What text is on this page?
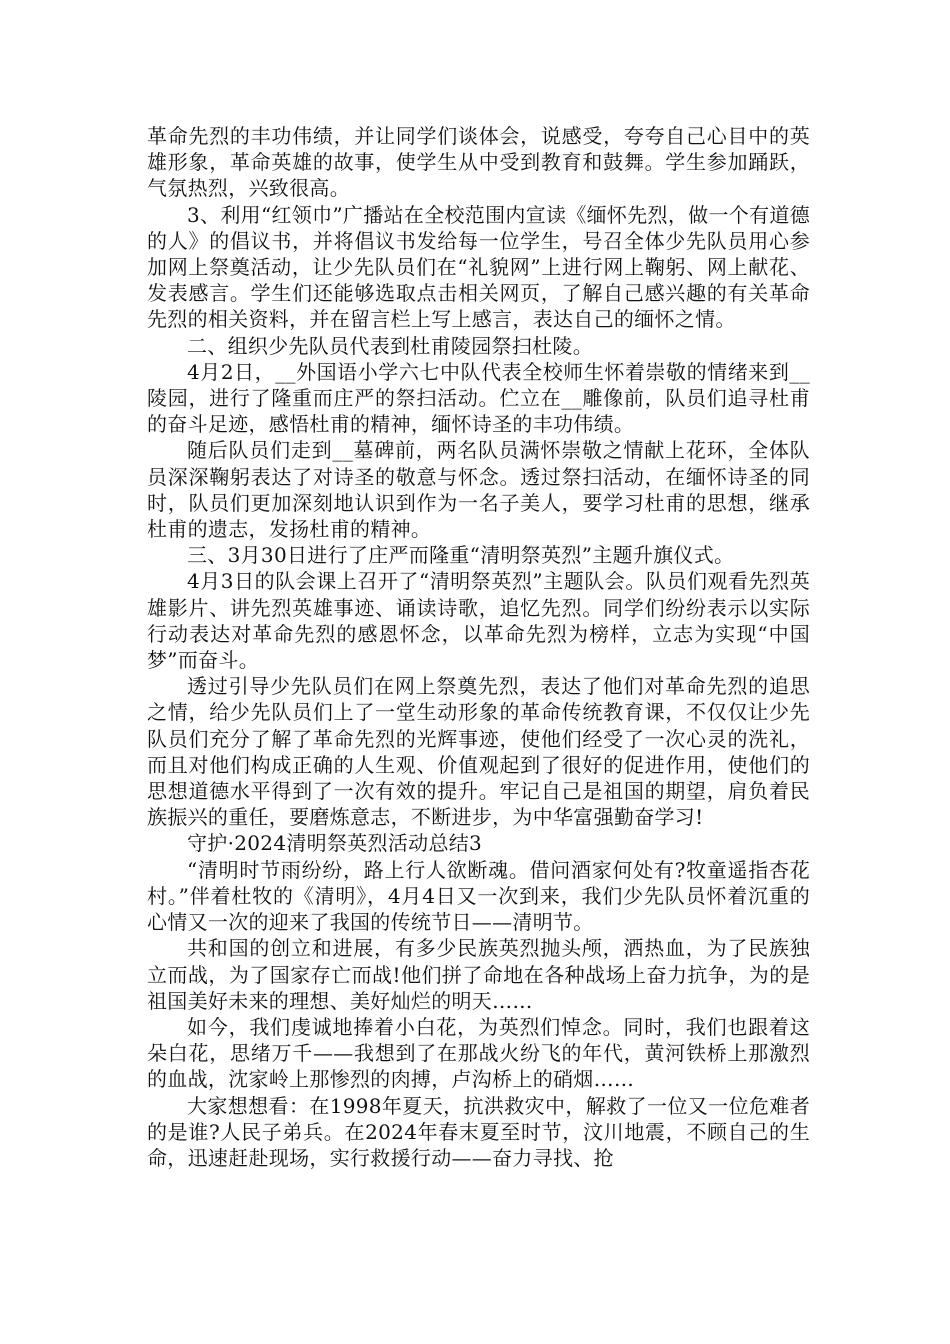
革命先烈的丰功伟绩，并让同学们谈体会，说感受，夸夸自己心目中的英雄形象，革命英雄的故事，使学生从中受到教育和鼓舞。学生参加踊跃，气氛热烈，兴致很高。

3、利用“红领巾”广播站在全校范围内宣读《缅怀先烈，做一个有道德的人》的倡议书，并将倡议书发给每一位学生，号召全体少先队员用心参加网上祭奠活动，让少先队员们在“礼貌网”上进行网上鞠躬、网上献花、发表感言。学生们还能够选取点击相关网页，了解自己感兴趣的有关革命先烈的相关资料，并在留言栏上写上感言，表达自己的缅怀之情。

二、组织少先队员代表到杜甫陵园祭扫杜陵。

4月2日，__外国语小学六七中队代表全校师生怀着崇敬的情绪来到__陵园，进行了隆重而庄严的祭扫活动。伫立在__雕像前，队员们追寻杜甫的奋斗足迹，感悟杜甫的精神，缅怀诗圣的丰功伟绩。

随后队员们走到__墓碑前，两名队员满怀崇敬之情献上花环，全体队员深深鞠躬表达了对诗圣的敬意与怀念。透过祭扫活动，在缅怀诗圣的同时，队员们更加深刻地认识到作为一名子美人，要学习杜甫的思想，继承杜甫的遗志，发扬杜甫的精神。

三、3月30日进行了庄严而隆重“清明祭英烈”主题升旗仪式。

4月3日的队会课上召开了“清明祭英烈”主题队会。队员们观看先烈英雄影片、讲先烈英雄事迹、诵读诗歌，追忆先烈。同学们纷纷表示以实际行动表达对革命先烈的感恩怀念，以革命先烈为榜样，立志为实现“中国梦”而奋斗。

透过引导少先队员们在网上祭奠先烈，表达了他们对革命先烈的追思之情，给少先队员们上了一堂生动形象的革命传统教育课，不仅仅让少先队员们充分了解了革命先烈的光辉事迹，使他们经受了一次心灵的洗礼，而且对他们构成正确的人生观、价值观起到了很好的促进作用，使他们的思想道德水平得到了一次有效的提升。牢记自己是祖国的期望，肩负着民族振兴的重任，要磨炼意志，不断进步，为中华富强勤奋学习!

守护·2024清明祭英烈活动总结3

“清明时节雨纷纷，路上行人欲断魂。借问酒家何处有?牧童遥指杏花村。”伴着杜牧的《清明》，4月4日又一次到来，我们少先队员怀着沉重的心情又一次的迎来了我国的传统节日——清明节。

共和国的创立和进展，有多少民族英烈抛头颅，洒热血，为了民族独立而战，为了国家存亡而战!他们拼了命地在各种战场上奋力抗争，为的是祖国美好未来的理想、美好灿烂的明天……

如今，我们虔诚地捧着小白花，为英烈们悼念。同时，我们也跟着这朵白花，思绪万千——我想到了在那战火纷飞的年代，黄河铁桥上那激烈的血战，沈家岭上那惨烈的肉搏，卢沟桥上的硝烟……

大家想想看：在1998年夏天，抗洪救灾中，解救了一位又一位危难者的是谁?人民子弟兵。在2024年春末夏至时节，汶川地震，不顾自己的生命，迅速赶赴现场，实行救援行动——奋力寻找、抢
